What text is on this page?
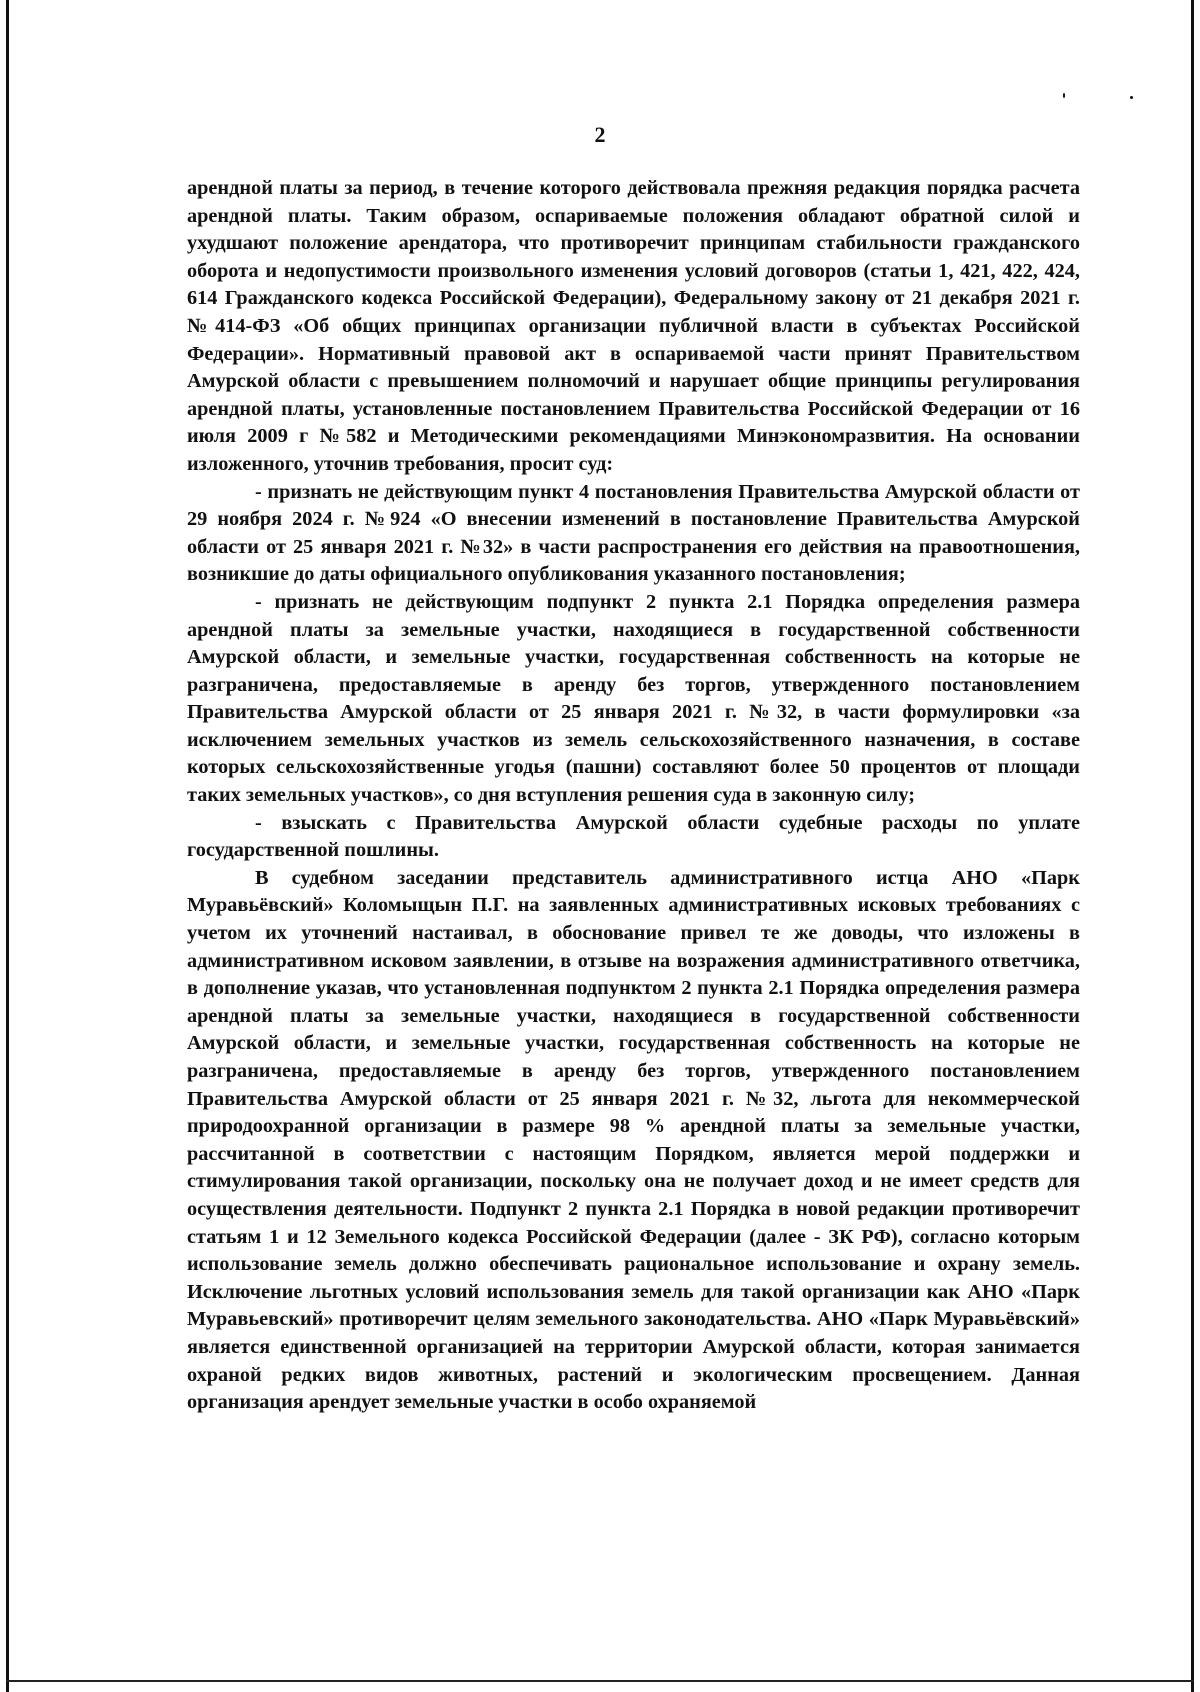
2

арендной платы за период, в течение которого действовала прежняя редакция порядка расчета арендной платы. Таким образом, оспариваемые положения обладают обратной силой и ухудшают положение арендатора, что противоречит принципам стабильности гражданского оборота и недопустимости произвольного изменения условий договоров (статьи 1, 421, 422, 424, 614 Гражданского кодекса Российской Федерации), Федеральному закону от 21 декабря 2021 г. №414-ФЗ «Об общих принципах организации публичной власти в субъектах Российской Федерации». Нормативный правовой акт в оспариваемой части принят Правительством Амурской области с превышением полномочий и нарушает общие принципы регулирования арендной платы, установленные постановлением Правительства Российской Федерации от 16 июля 2009 г №582 и Методическими рекомендациями Минэкономразвития. На основании изложенного, уточнив требования, просит суд:

- признать не действующим пункт 4 постановления Правительства Амурской области от 29 ноября 2024 г. №924 «О внесении изменений в постановление Правительства Амурской области от 25 января 2021 г. №32» в части распространения его действия на правоотношения, возникшие до даты официального опубликования указанного постановления;

- признать не действующим подпункт 2 пункта 2.1 Порядка определения размера арендной платы за земельные участки, находящиеся в государственной собственности Амурской области, и земельные участки, государственная собственность на которые не разграничена, предоставляемые в аренду без торгов, утвержденного постановлением Правительства Амурской области от 25 января 2021 г. №32, в части формулировки «за исключением земельных участков из земель сельскохозяйственного назначения, в составе которых сельскохозяйственные угодья (пашни) составляют более 50 процентов от площади таких земельных участков», со дня вступления решения суда в законную силу;

- взыскать с Правительства Амурской области судебные расходы по уплате государственной пошлины.

В судебном заседании представитель административного истца АНО «Парк Муравьёвский» Коломыщын П.Г. на заявленных административных исковых требованиях с учетом их уточнений настаивал, в обоснование привел те же доводы, что изложены в административном исковом заявлении, в отзыве на возражения административного ответчика, в дополнение указав, что установленная подпунктом 2 пункта 2.1 Порядка определения размера арендной платы за земельные участки, находящиеся в государственной собственности Амурской области, и земельные участки, государственная собственность на которые не разграничена, предоставляемые в аренду без торгов, утвержденного постановлением Правительства Амурской области от 25 января 2021 г. №32, льгота для некоммерческой природоохранной организации в размере 98 % арендной платы за земельные участки, рассчитанной в соответствии с настоящим Порядком, является мерой поддержки и стимулирования такой организации, поскольку она не получает доход и не имеет средств для осуществления деятельности. Подпункт 2 пункта 2.1 Порядка в новой редакции противоречит статьям 1 и 12 Земельного кодекса Российской Федерации (далее - ЗК РФ), согласно которым использование земель должно обеспечивать рациональное использование и охрану земель. Исключение льготных условий использования земель для такой организации как АНО «Парк Муравьевский» противоречит целям земельного законодательства. АНО «Парк Муравьёвский» является единственной организацией на территории Амурской области, которая занимается охраной редких видов животных, растений и экологическим просвещением. Данная организация арендует земельные участки в особо охраняемой
